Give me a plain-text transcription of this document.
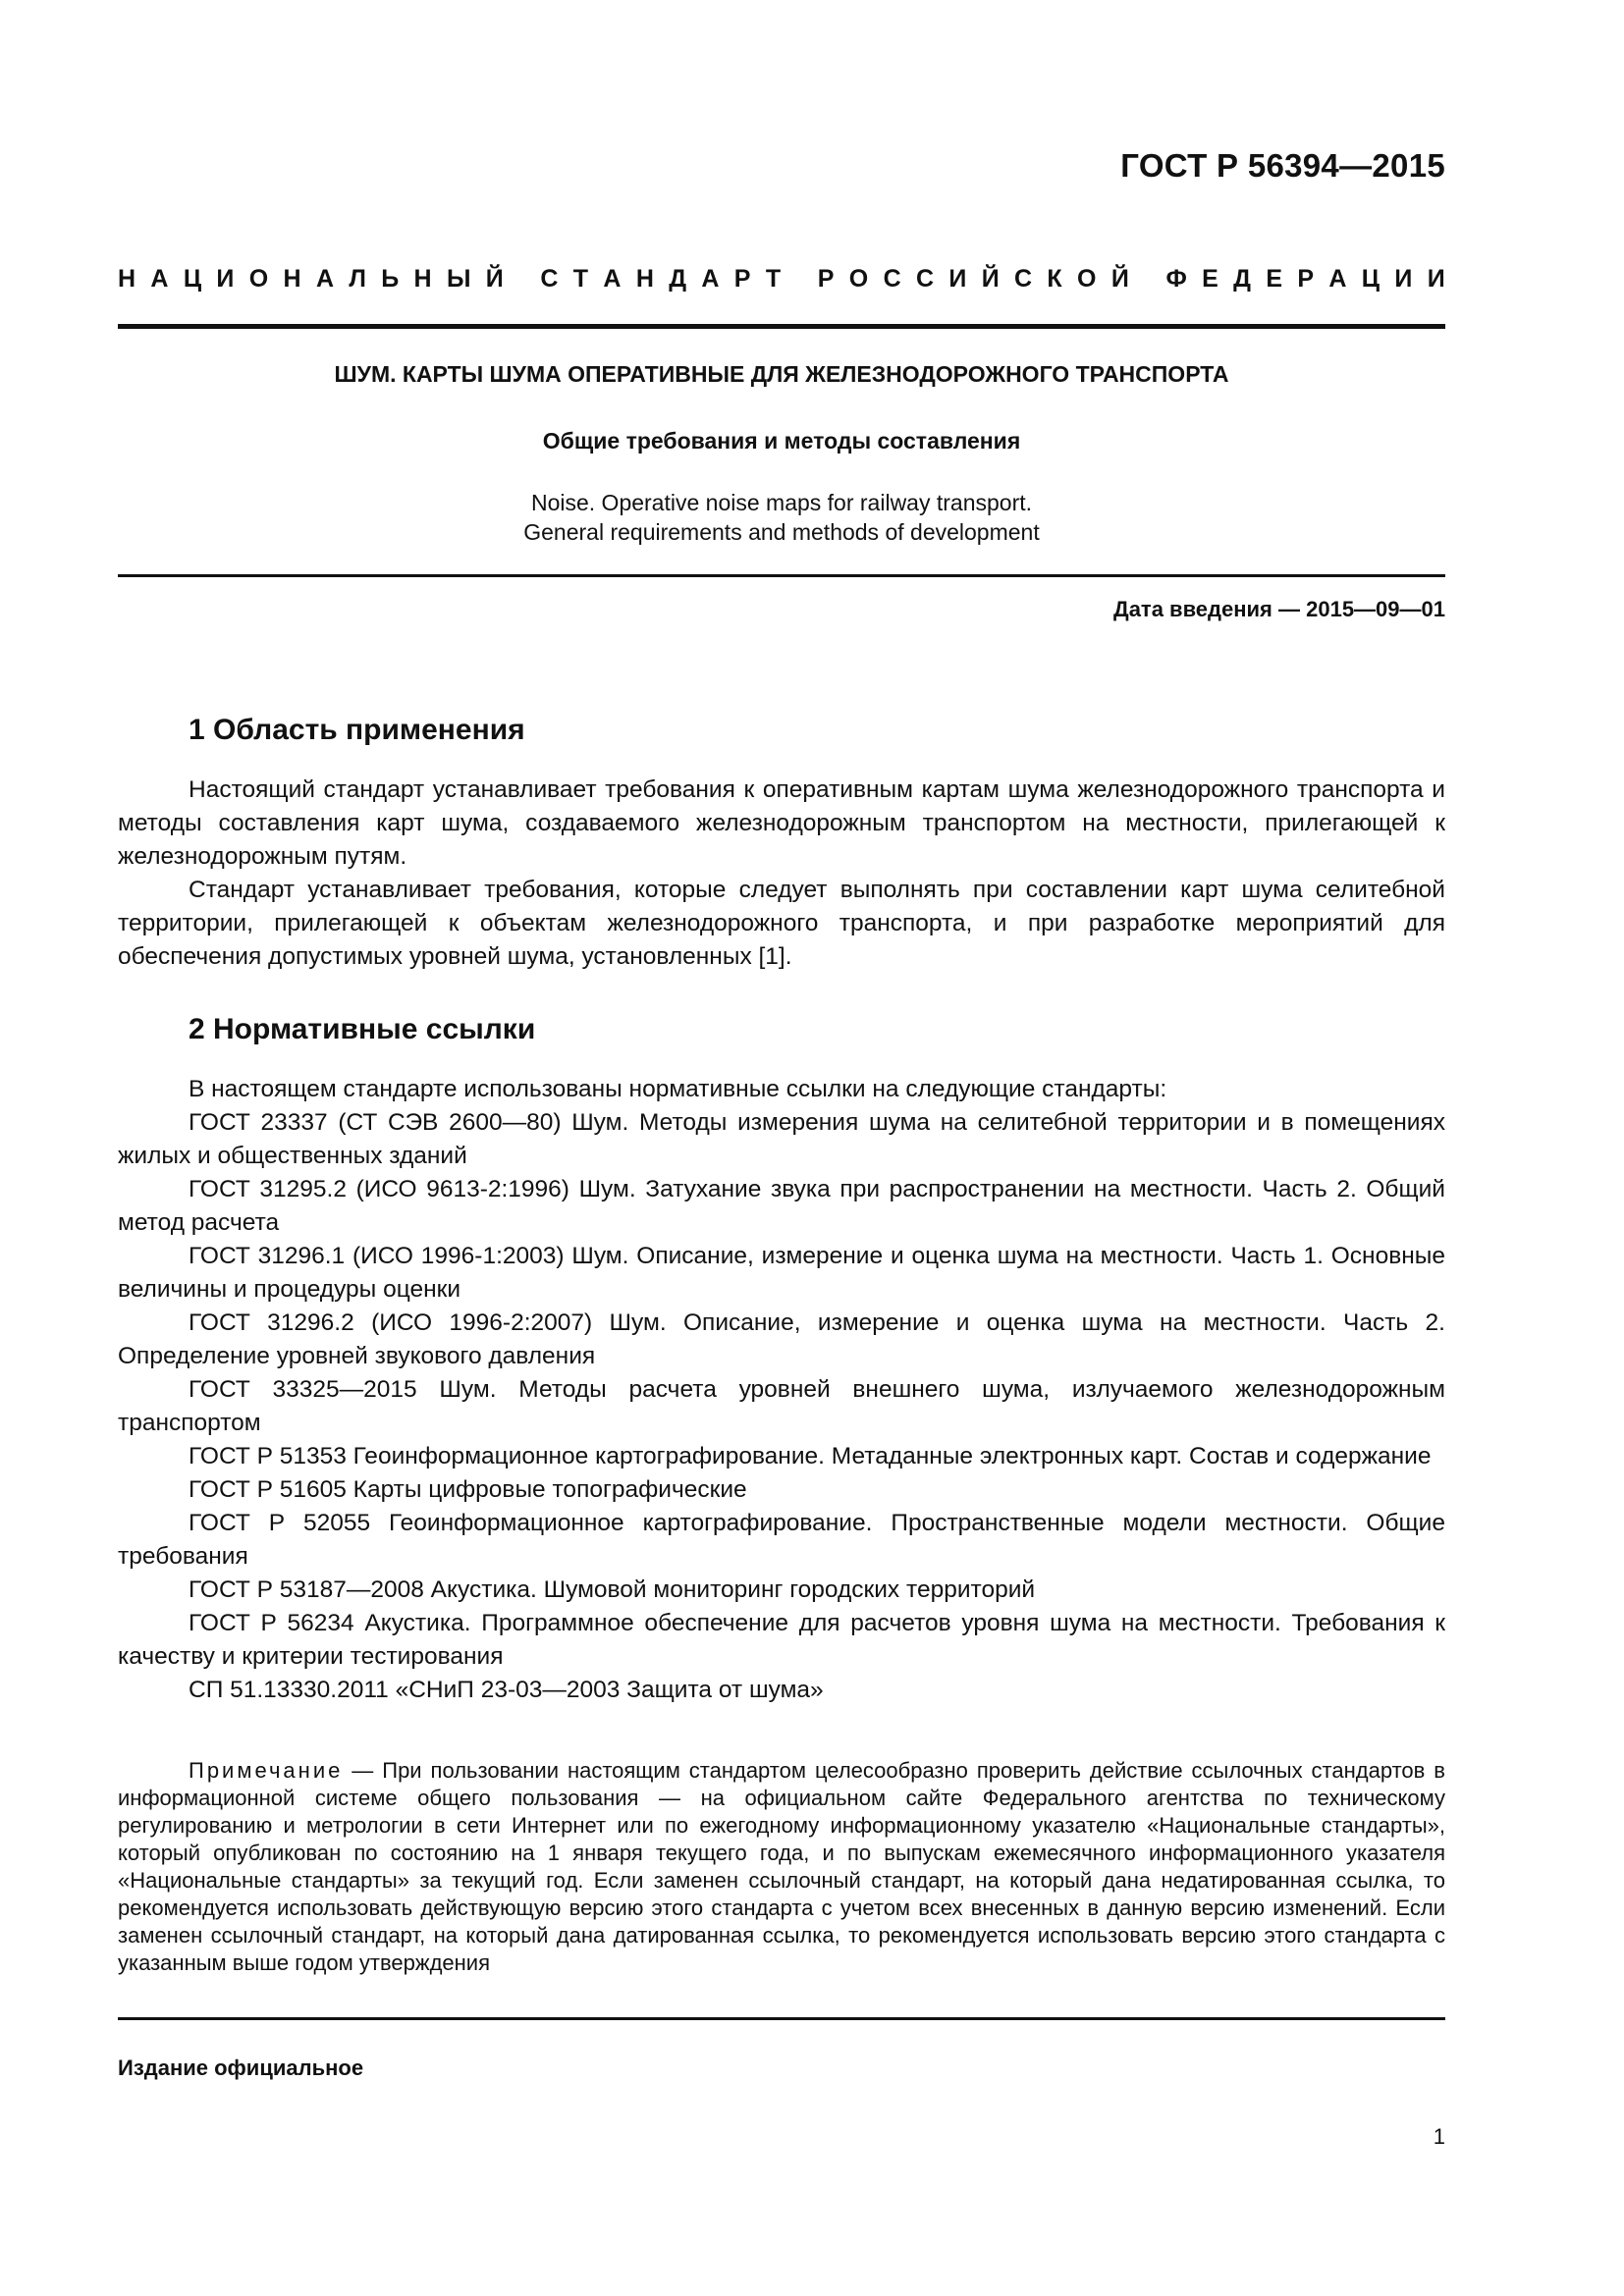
ГОСТ Р 56394—2015
Н А Ц И О Н А Л Ь Н Ы Й
С Т А Н Д А Р Т
Р О С С И Й С К О Й
Ф Е Д Е Р А Ц И И
ШУМ. КАРТЫ ШУМА ОПЕРАТИВНЫЕ ДЛЯ ЖЕЛЕЗНОДОРОЖНОГО ТРАНСПОРТА
Общие требования и методы составления
Noise. Operative noise maps for railway transport.
General requirements and methods of development
Дата введения — 2015—09—01
1 Область применения

Настоящий стандарт устанавливает требования к оперативным картам шума железнодорожного транспорта и методы составления карт шума, создаваемого железнодорожным транспортом на местности, прилегающей к железнодорожным путям.

Стандарт устанавливает требования, которые следует выполнять при составлении карт шума селитебной территории, прилегающей к объектам железнодорожного транспорта, и при разработке мероприятий для обеспечения допустимых уровней шума, установленных [1].

2 Нормативные ссылки

В настоящем стандарте использованы нормативные ссылки на следующие стандарты:

ГОСТ 23337 (СТ СЭВ 2600—80) Шум. Методы измерения шума на селитебной территории и в помещениях жилых и общественных зданий

ГОСТ 31295.2 (ИСО 9613-2:1996) Шум. Затухание звука при распространении на местности. Часть 2. Общий метод расчета

ГОСТ 31296.1 (ИСО 1996-1:2003) Шум. Описание, измерение и оценка шума на местности. Часть 1. Основные величины и процедуры оценки

ГОСТ 31296.2 (ИСО 1996-2:2007) Шум. Описание, измерение и оценка шума на местности. Часть 2. Определение уровней звукового давления

ГОСТ 33325—2015 Шум. Методы расчета уровней внешнего шума, излучаемого железнодорожным транспортом

ГОСТ Р 51353 Геоинформационное картографирование. Метаданные электронных карт. Состав и содержание

ГОСТ Р 51605 Карты цифровые топографические

ГОСТ Р 52055 Геоинформационное картографирование. Пространственные модели местности. Общие требования

ГОСТ Р 53187—2008 Акустика. Шумовой мониторинг городских территорий

ГОСТ Р 56234 Акустика. Программное обеспечение для расчетов уровня шума на местности. Требования к качеству и критерии тестирования

СП 51.13330.2011 «СНиП 23-03—2003 Защита от шума»

Примечание — При пользовании настоящим стандартом целесообразно проверить действие ссылочных стандартов в информационной системе общего пользования — на официальном сайте Федерального агентства по техническому регулированию и метрологии в сети Интернет или по ежегодному информационному указателю «Национальные стандарты», который опубликован по состоянию на 1 января текущего года, и по выпускам ежемесячного информационного указателя «Национальные стандарты» за текущий год. Если заменен ссылочный стандарт, на который дана недатированная ссылка, то рекомендуется использовать действующую версию этого стандарта с учетом всех внесенных в данную версию изменений. Если заменен ссылочный стандарт, на который дана датированная ссылка, то рекомендуется использовать версию этого стандарта с указанным выше годом утверждения
Издание официальное
1
